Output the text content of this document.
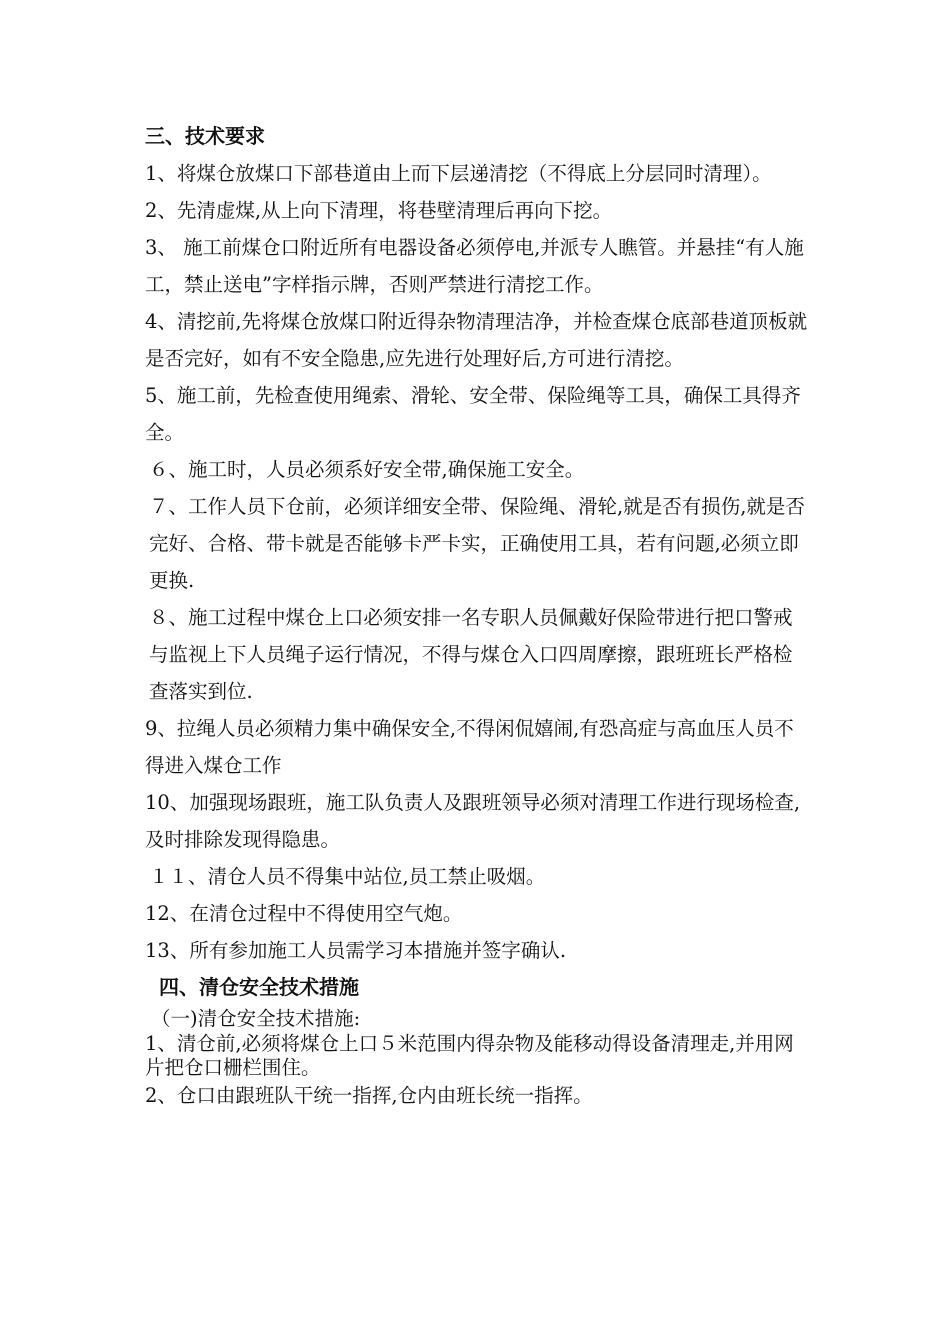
三、技术要求

1、将煤仓放煤口下部巷道由上而下层递清挖（不得底上分层同时清理）。

2、先清虚煤,从上向下清理，将巷壁清理后再向下挖。

3、 施工前煤仓口附近所有电器设备必须停电,并派专人瞧管。并悬挂“有人施工，禁止送电”字样指示牌，否则严禁进行清挖工作。

4、清挖前,先将煤仓放煤口附近得杂物清理洁净，并检查煤仓底部巷道顶板就是否完好，如有不安全隐患,应先进行处理好后,方可进行清挖。

5、施工前，先检查使用绳索、滑轮、安全带、保险绳等工具，确保工具得齐全。

６、施工时，人员必须系好安全带,确保施工安全。

７、工作人员下仓前，必须详细安全带、保险绳、滑轮,就是否有损伤,就是否完好、合格、带卡就是否能够卡严卡实，正确使用工具，若有问题,必须立即更换.

８、施工过程中煤仓上口必须安排一名专职人员佩戴好保险带进行把口警戒与监视上下人员绳子运行情况，不得与煤仓入口四周摩擦，跟班班长严格检查落实到位.

9、拉绳人员必须精力集中确保安全,不得闲侃嬉闹,有恐高症与高血压人员不得进入煤仓工作

10、加强现场跟班，施工队负责人及跟班领导必须对清理工作进行现场检查,及时排除发现得隐患。

１１、清仓人员不得集中站位,员工禁止吸烟。

12、在清仓过程中不得使用空气炮。

13、所有参加施工人员需学习本措施并签字确认.

四、清仓安全技术措施

（一)清仓安全技术措施:

1、清仓前,必须将煤仓上口５米范围内得杂物及能移动得设备清理走,并用网片把仓口栅栏围住。

2、仓口由跟班队干统一指挥,仓内由班长统一指挥。
